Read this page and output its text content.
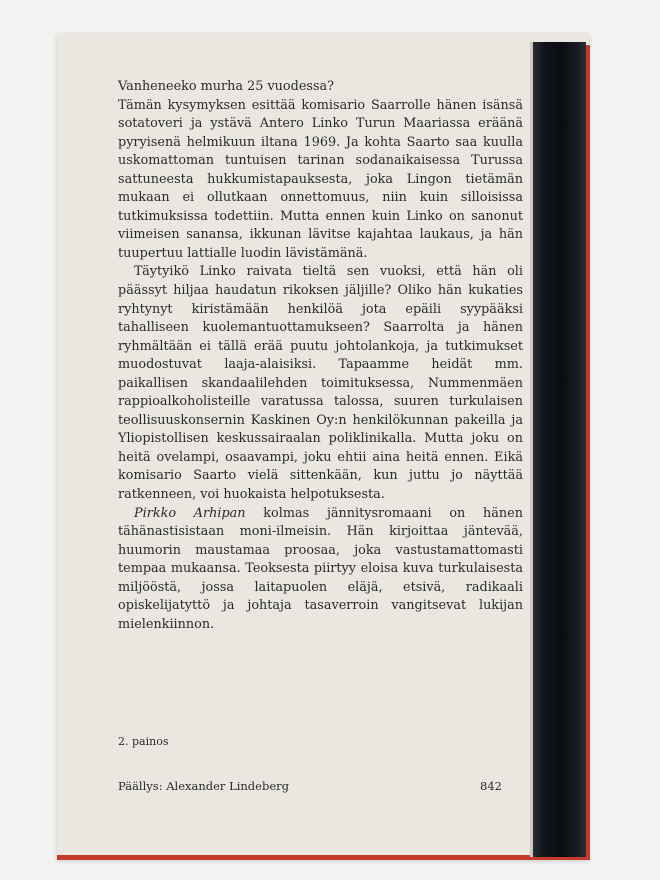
Vanheneeko murha 25 vuodessa?

Tämän kysymyksen esittää komisario Saarrolle hänen isänsä sotatoveri ja ystävä Antero Linko Turun Maariassa eräänä pyryisenä helmikuun iltana 1969. Ja kohta Saarto saa kuulla uskomattoman tuntuisen tarinan sodanaikaisessa Turussa sattuneesta hukkumistapauksesta, joka Lingon tietämän mukaan ei ollutkaan onnettomuus, niin kuin silloisissa tutkimuksissa todettiin. Mutta ennen kuin Linko on sanonut viimeisen sanansa, ikkunan lävitse kajahtaa laukaus, ja hän tuupertuu lattialle luodin lävistämänä.

Täytyikö Linko raivata tieltä sen vuoksi, että hän oli päässyt hiljaa haudatun rikoksen jäljille? Oliko hän kukaties ryhtynyt kiristämään henkilöä jota epäili syypääksi tahalliseen kuolemantuottamukseen? Saarrolta ja hänen ryhmältään ei tällä erää puutu johtolankoja, ja tutkimukset muodostuvat laaja-alaisiksi. Tapaamme heidät mm. paikallisen skandaalilehden toimituksessa, Nummenmäen rappioalkoholisteille varatussa talossa, suuren turkulaisen teollisuuskonsernin Kaskinen Oy:n henkilökunnan pakeilla ja Yliopistollisen keskussairaalan poliklinikalla. Mutta joku on heitä ovelampi, osaavampi, joku ehtii aina heitä ennen. Eikä komisario Saarto vielä sittenkään, kun juttu jo näyttää ratkenneen, voi huokaista helpotuksesta.

Pirkko Arhipan kolmas jännitysromaani on hänen tähänastisistaan moni-ilmeisin. Hän kirjoittaa jäntevää, huumorin maustamaa proosaa, joka vastustamattomasti tempaa mukaansa. Teoksesta piirtyy eloisa kuva turkulaisesta miljööstä, jossa laitapuolen eläjä, etsivä, radikaali opiskelijatyttö ja johtaja tasaverroin vangitsevat lukijan mielenkiinnon.

2. painos
Päällys: Alexander Lindeberg	842
